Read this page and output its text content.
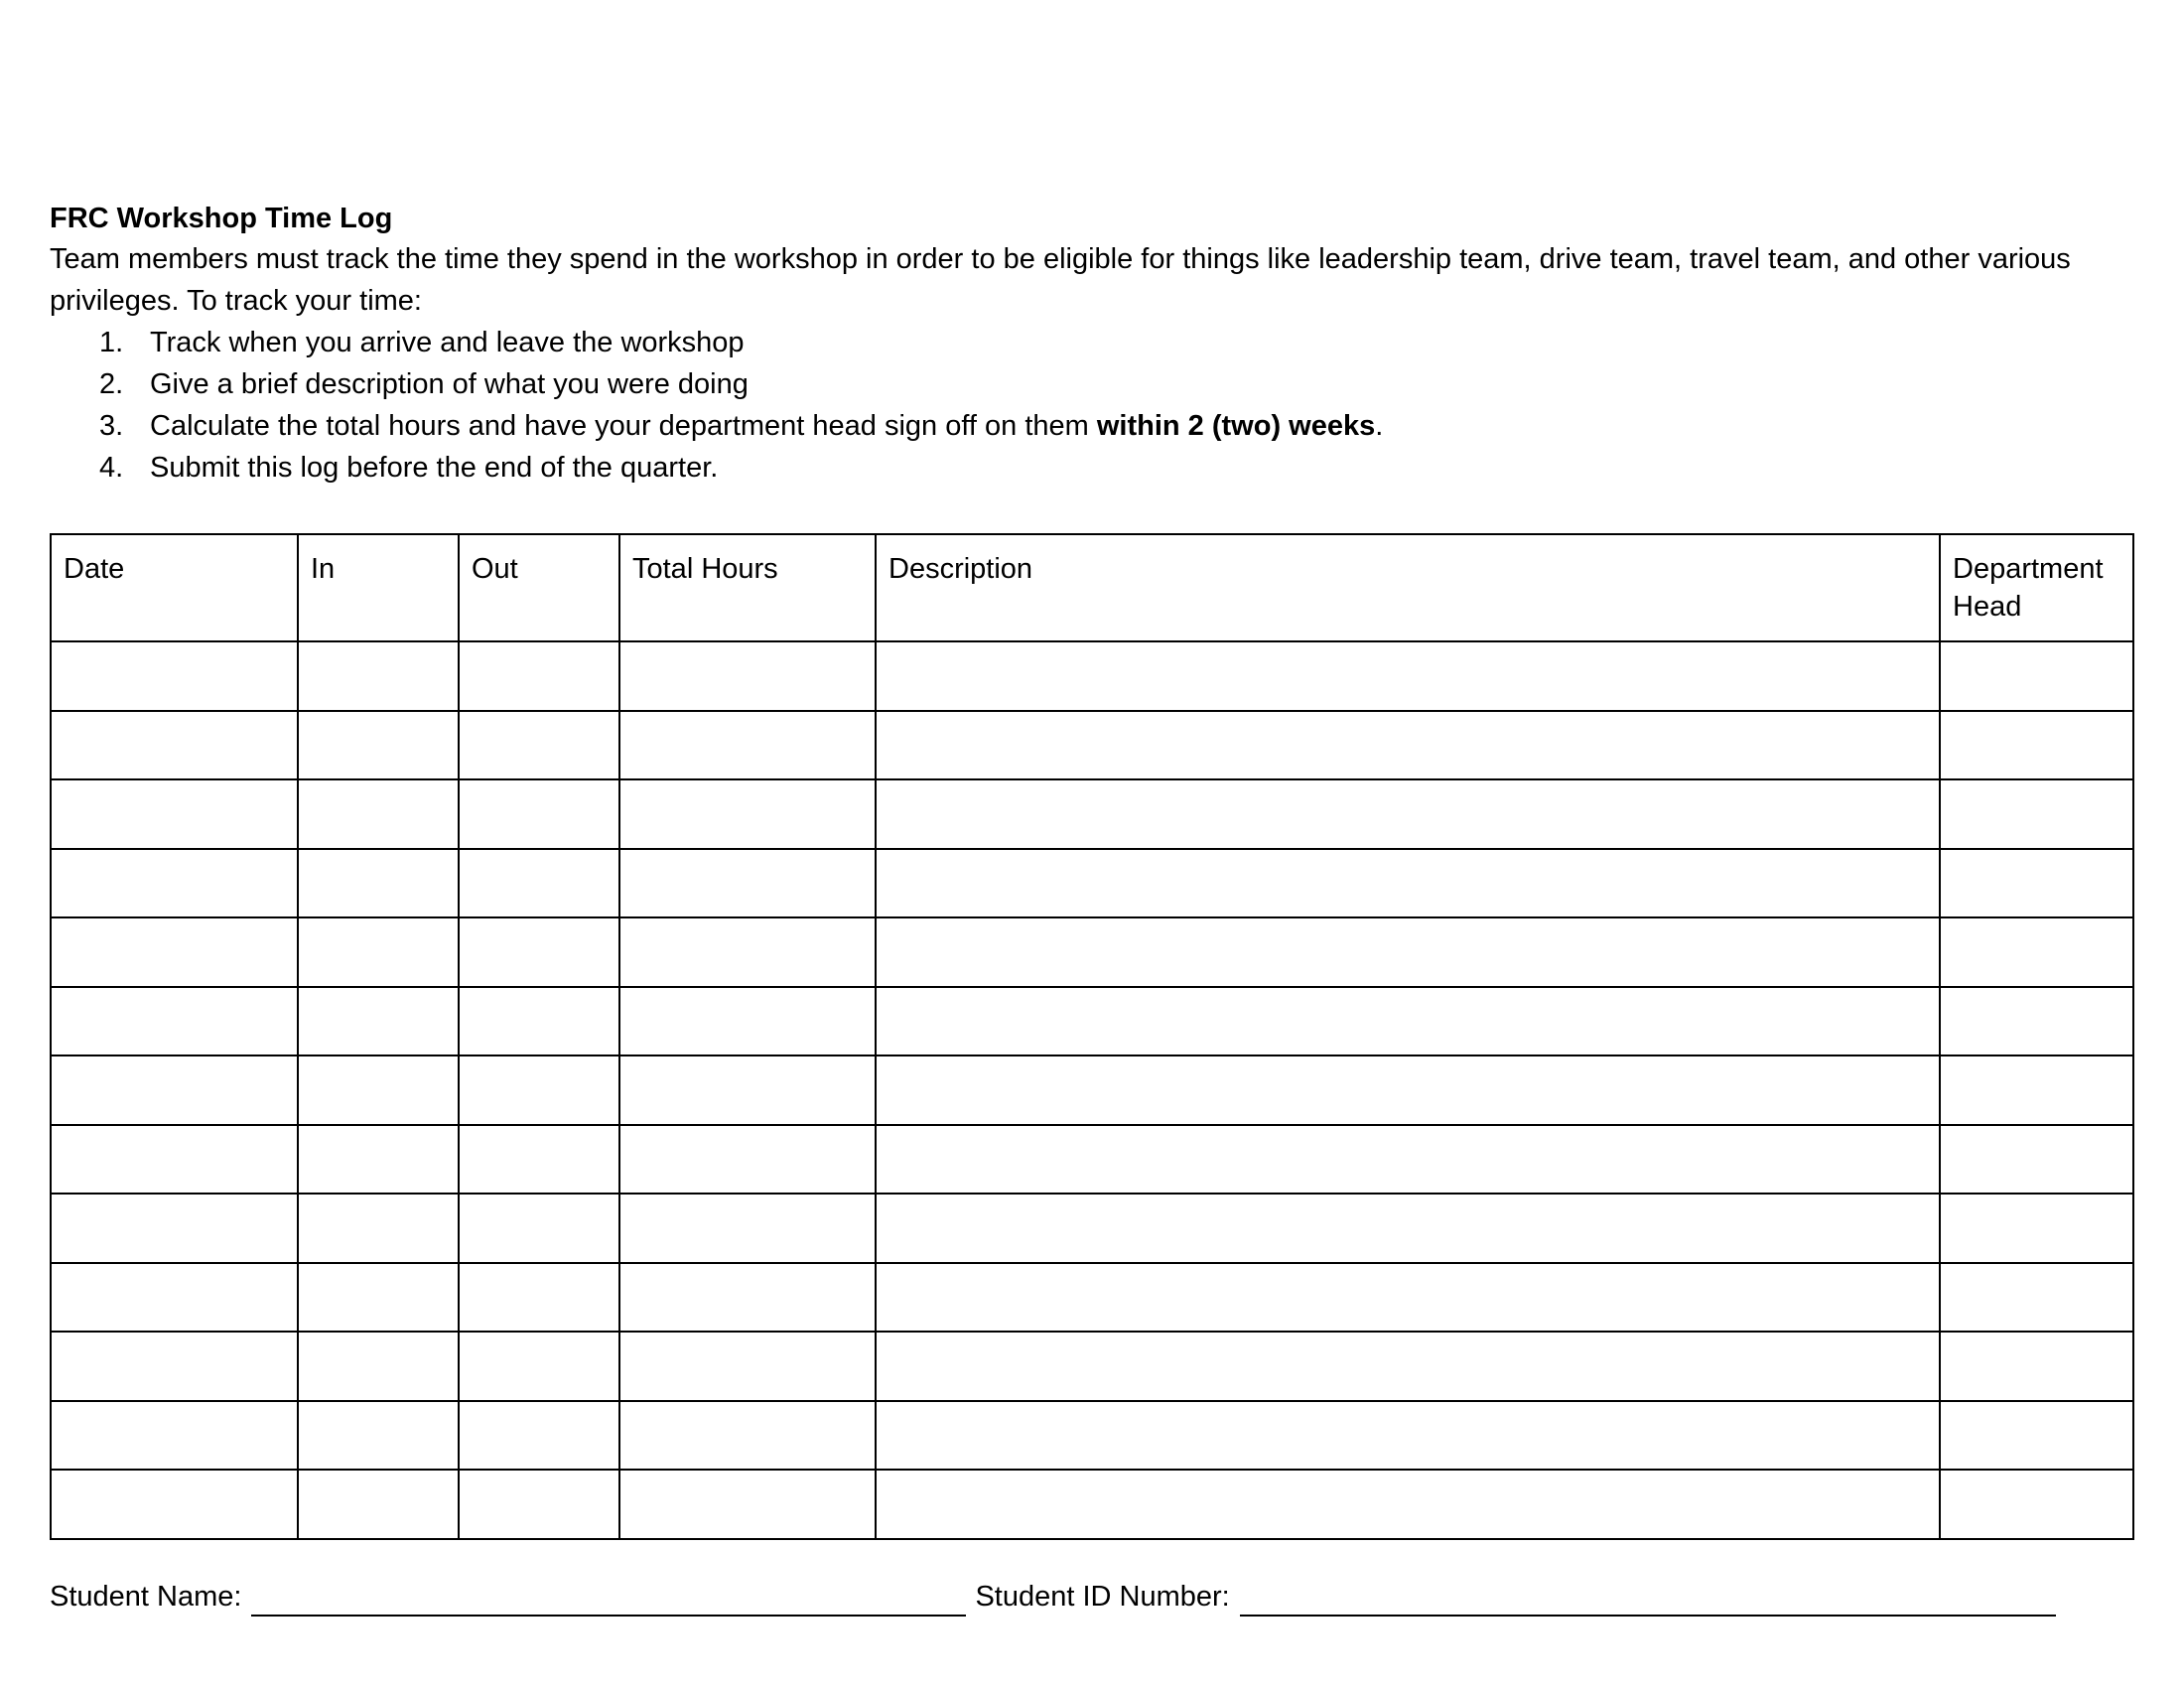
FRC Workshop Time Log

Team members must track the time they spend in the workshop in order to be eligible for things like leadership team, drive team, travel team, and other various privileges. To track your time:

1. Track when you arrive and leave the workshop
2. Give a brief description of what you were doing
3. Calculate the total hours and have your department head sign off on them within 2 (two) weeks.
4. Submit this log before the end of the quarter.
Date	In	Out	Total Hours	Description	Department Head

Student Name:	Student ID Number:
